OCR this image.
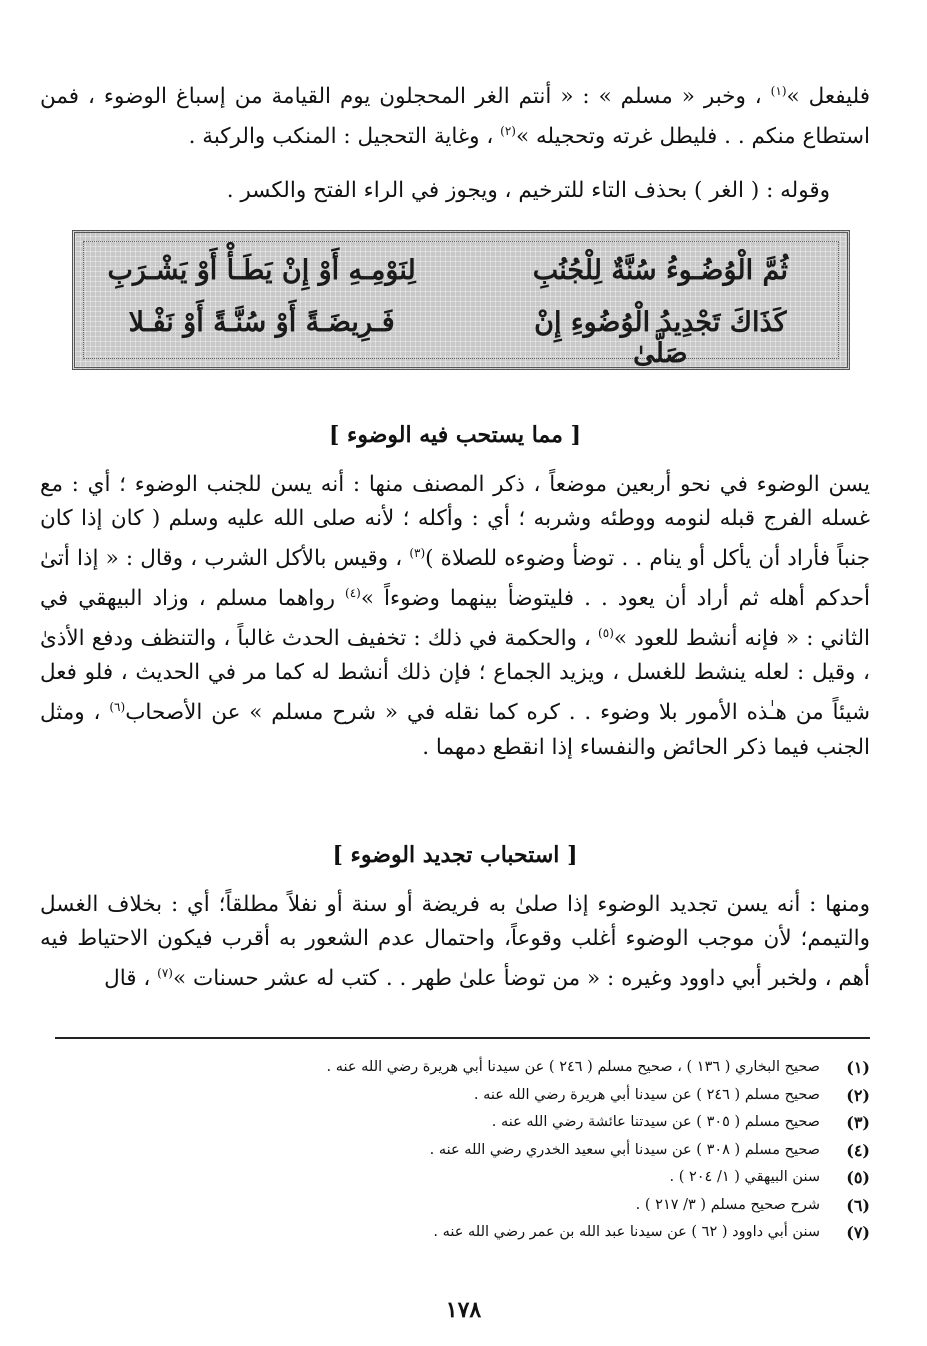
فليفعل »$^{(١)}$ ، وخبر « مسلم » : « أنتم الغر المحجلون يوم القيامة من إسباغ الوضوء ، فمن استطاع منكم . . فليطل غرته وتحجيله »$^{(٢)}$ ، وغاية التحجيل : المنكب والركبة .

وقوله : ( الغر ) بحذف التاء للترخيم ، ويجوز في الراء الفتح والكسر .

ثُمَّ الْوُضُـوءُ سُنَّةٌ لِلْجُنُبِ
لِنَوْمِـهِ أَوْ إِنْ يَطَـأْ أَوْ يَشْـرَبِ
كَذَاكَ تَجْدِيدُ الْوُضُوءِ إِنْ صَلَّىٰ
فَـرِيضَـةً أَوْ سُنَّـةً أَوْ نَفْـلا
[ مما يستحب فيه الوضوء ]

يسن الوضوء في نحو أربعين موضعاً ، ذكر المصنف منها : أنه يسن للجنب الوضوء ؛ أي : مع غسله الفرج قبله لنومه ووطئه وشربه ؛ أي : وأكله ؛ لأنه صلى الله عليه وسلم ( كان إذا كان جنباً فأراد أن يأكل أو ينام . . توضأ وضوءه للصلاة )$^{(٣)}$ ، وقيس بالأكل الشرب ، وقال : « إذا أتىٰ أحدكم أهله ثم أراد أن يعود . . فليتوضأ بينهما وضوءاً »$^{(٤)}$ رواهما مسلم ، وزاد البيهقي في الثاني : « فإنه أنشط للعود »$^{(٥)}$ ، والحكمة في ذلك : تخفيف الحدث غالباً ، والتنظف ودفع الأذىٰ ، وقيل : لعله ينشط للغسل ، ويزيد الجماع ؛ فإن ذلك أنشط له كما مر في الحديث ، فلو فعل شيئاً من هـٰذه الأمور بلا وضوء . . كره كما نقله في « شرح مسلم » عن الأصحاب$^{(٦)}$ ، ومثل الجنب فيما ذكر الحائض والنفساء إذا انقطع دمهما .

[ استحباب تجديد الوضوء ]

ومنها : أنه يسن تجديد الوضوء إذا صلىٰ به فريضة أو سنة أو نفلاً مطلقاً؛ أي : بخلاف الغسل والتيمم؛ لأن موجب الوضوء أغلب وقوعاً، واحتمال عدم الشعور به أقرب فيكون الاحتياط فيه أهم ، ولخبر أبي داوود وغيره : « من توضأ علىٰ طهر . . كتب له عشر حسنات »$^{(٧)}$ ، قال

(١)
صحيح البخاري ( ١٣٦ ) ، صحيح مسلم ( ٢٤٦ ) عن سيدنا أبي هريرة رضي الله عنه .
(٢)
صحيح مسلم ( ٢٤٦ ) عن سيدنا أبي هريرة رضي الله عنه .
(٣)
صحيح مسلم ( ٣٠٥ ) عن سيدتنا عائشة رضي الله عنه .
(٤)
صحيح مسلم ( ٣٠٨ ) عن سيدنا أبي سعيد الخدري رضي الله عنه .
(٥)
سنن البيهقي ( ١/ ٢٠٤ ) .
(٦)
شرح صحيح مسلم ( ٣/ ٢١٧ ) .
(٧)
سنن أبي داوود ( ٦٢ ) عن سيدنا عبد الله بن عمر رضي الله عنه .
١٧٨
